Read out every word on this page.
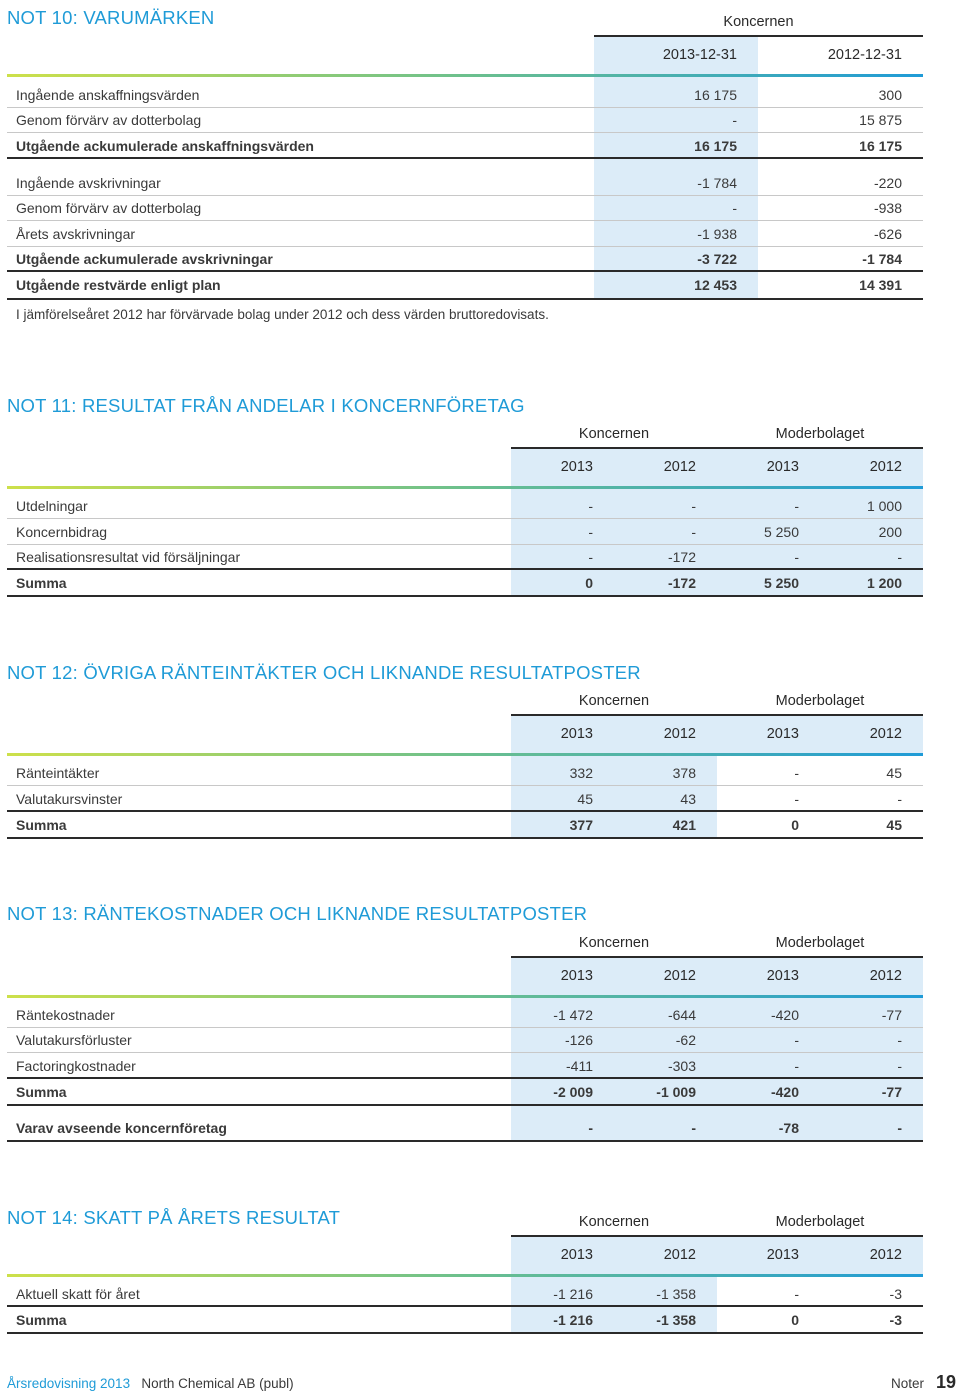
NOT 10: VARUMÄRKEN	Koncernen
2013-12-31	2012-12-31
Ingående anskaffningsvärden	16 175	300
Genom förvärv av dotterbolag	-	15 875
Utgående ackumulerade anskaffningsvärden	16 175	16 175
Ingående avskrivningar	-1 784	-220
Genom förvärv av dotterbolag	-	-938
Årets avskrivningar	-1 938	-626
Utgående ackumulerade avskrivningar	-3 722	-1 784
Utgående restvärde enligt plan	12 453	14 391
I jämförelseåret 2012 har förvärvade bolag under 2012 och dess värden bruttoredovisats.
NOT 11: RESULTAT FRÅN ANDELAR I KONCERNFÖRETAG
Koncernen	Moderbolaget
2013	2012	2013	2012
Utdelningar	-	-	-	1 000
Koncernbidrag	-	-	5 250	200
Realisationsresultat vid försäljningar	-	-172	-	-
Summa	0	-172	5 250	1 200
NOT 12: ÖVRIGA RÄNTEINTÄKTER OCH LIKNANDE RESULTATPOSTER
Koncernen	Moderbolaget
2013	2012	2013	2012
Ränteintäkter	332	378	-	45
Valutakursvinster	45	43	-	-
Summa	377	421	0	45
NOT 13: RÄNTEKOSTNADER OCH LIKNANDE RESULTATPOSTER
Koncernen	Moderbolaget
2013	2012	2013	2012
Räntekostnader	-1 472	-644	-420	-77
Valutakursförluster	-126	-62	-	-
Factoringkostnader	-411	-303	-	-
Summa	-2 009	-1 009	-420	-77
Varav avseende koncernföretag	-	-	-78	-
NOT 14: SKATT PÅ ÅRETS RESULTAT	Koncernen	Moderbolaget
2013	2012	2013	2012
Aktuell skatt för året	-1 216	-1 358	-	-3
Summa	-1 216	-1 358	0	-3
Årsredovisning 2013 North Chemical AB (publ)	Noter 19
